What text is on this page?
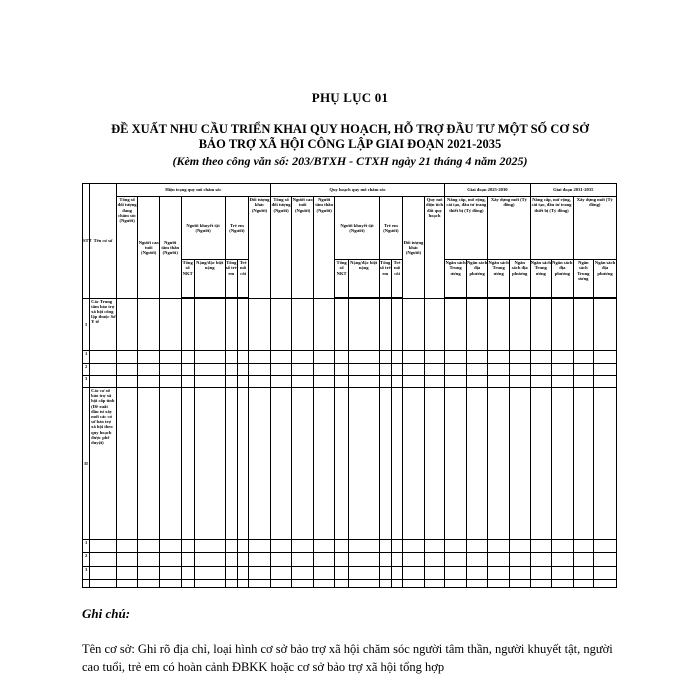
PHỤ LỤC 01
ĐỀ XUẤT NHU CẦU TRIỂN KHAI QUY HOẠCH, HỖ TRỢ ĐẦU TƯ MỘT SỐ CƠ SỞ
BẢO TRỢ XÃ HỘI CÔNG LẬP GIAI ĐOẠN 2021-2035
(Kèm theo công văn số: 203/BTXH - CTXH ngày 21 tháng 4 năm 2025)
STT	Tên cơ sở	Hiện trạng quy mô chăm sóc								Quy hoạch quy mô chăm sóc									Giai đoạn 2025-2030				Giai đoạn 2031-2035			
		Tổng số đối tượng đang chăm sóc (Người)	Người cao tuổi (Người)	Người tâm thần (Người)	Người khuyết tật (Người)		Trẻ em (Người)		Đối tượng khác (Người)	Tổng số đối tượng (Người)	Người cao tuổi (Người)	Người tâm thần (Người)	Người khuyết tật (Người)		Trẻ em (Người)		Đối tượng khác (Người)	Quy mô diện tích đất quy hoạch	Nâng cấp, mở rộng, cải tạo, đầu tư trang thiết bị (Tỷ đồng)		Xây dựng mới (Tỷ đồng)		Nâng cấp, mở rộng, cải tạo, đầu tư trang thiết bị (Tỷ đồng)		Xây dựng mới (Tỷ đồng)	
					Tổng số NKT	Nặng/đặc biệt nặng	Tổng số trẻ em	Trẻ mồ côi					Tổng số NKT	Nặng/đặc biệt nặng	Tổng số trẻ em	Trẻ mồ côi			Ngân sách Trung ương	Ngân sách địa phương	Ngân sách Trung ương	Ngân sách địa phương	Ngân sách Trung ương	Ngân sách địa phương	Ngân sách Trung ương	Ngân sách địa phương
I	Các Trung tâm bảo trợ xã hội công lập thuộc Sở Y tế																									
1																										
2																										
3																										
II	Các cơ sở bảo trợ xã hội cấp tỉnh (Đề xuất đầu tư xây mới các cơ sở bảo trợ xã hội theo quy hoạch được phê duyệt)																									
1																										
2																										
3																										

Ghi chú:
Tên cơ sở: Ghi rõ địa chỉ, loại hình cơ sở bảo trợ xã hội chăm sóc người tâm thần, người khuyết tật, người cao tuổi, trẻ em có hoàn cảnh ĐBKK hoặc cơ sở bảo trợ xã hội tổng hợp
